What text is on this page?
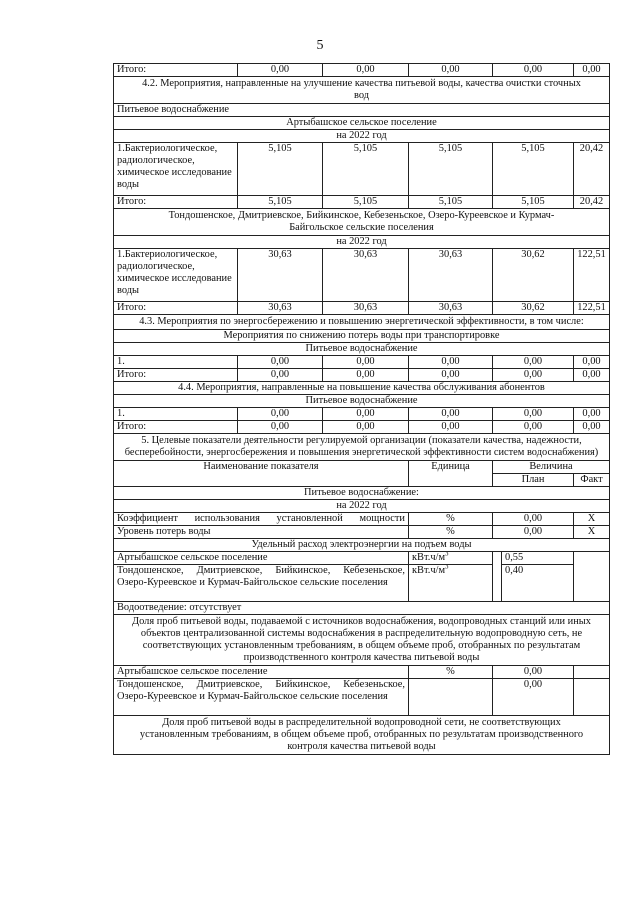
5
Итого:	0,00	0,00	0,00	0,00		0,00
4.2. Мероприятия, направленные на улучшение качества питьевой воды, качества очистки сточных вод						
Питьевое водоснабжение						
Артыбашское сельское поселение						
на 2022 год						
1.Бактериологическое, радиологическое, химическое исследование воды	5,105	5,105	5,105	5,105		20,42
Итого:	5,105	5,105	5,105	5,105		20,42
Тондошенское, Дмитриевское, Бийкинское, Кебезеньское, Озеро-Куреевское и Курмач-Байгольское сельские поселения						
на 2022 год						
1.Бактериологическое, радиологическое, химическое исследование воды	30,63	30,63	30,63	30,62		122,51
Итого:	30,63	30,63	30,63	30,62		122,51
4.3. Мероприятия по энергосбережению и повышению энергетической эффективности, в том числе:						
Мероприятия по снижению потерь воды при транспортировке						
Питьевое водоснабжение						
1.	0,00	0,00	0,00	0,00		0,00
Итого:	0,00	0,00	0,00	0,00		0,00
4.4. Мероприятия, направленные на повышение качества обслуживания абонентов						
Питьевое водоснабжение						
1.	0,00	0,00	0,00	0,00		0,00
Итого:	0,00	0,00	0,00	0,00		0,00
5. Целевые показатели деятельности регулируемой организации (показатели качества, надежности, бесперебойности, энергосбережения и повышения энергетической эффективности систем водоснабжения)						
Наименование показателя			Единица	Величина		
				План		Факт
Питьевое водоснабжение:						
на 2022 год						
Коэффициент использования установленной мощности			%	0,00		Х
Уровень потерь воды			%	0,00		Х
Удельный расход электроэнергии на подъем воды						
Артыбашское сельское поселение			$кВт.ч/м^3$		0,55	
Тондошенское, Дмитриевское, Бийкинское, Кебезеньское, Озеро-Куреевское и Курмач-Байгольское сельские поселения			$кВт.ч/м^3$		0,40	
Водоотведение: отсутствует						
Доля проб питьевой воды, подаваемой с источников водоснабжения, водопроводных станций или иных объектов централизованной системы водоснабжения в распределительную водопроводную сеть, не соответствующих установленным требованиям, в общем объеме проб, отобранных по результатам производственного контроля качества питьевой воды						
Артыбашское сельское поселение			%	0,00		
Тондошенское, Дмитриевское, Бийкинское, Кебезеньское, Озеро-Куреевское и Курмач-Байгольское сельские поселения				0,00		
Доля проб питьевой воды в распределительной водопроводной сети, не соответствующих установленным требованиям, в общем объеме проб, отобранных по результатам производственного контроля качества питьевой воды						
